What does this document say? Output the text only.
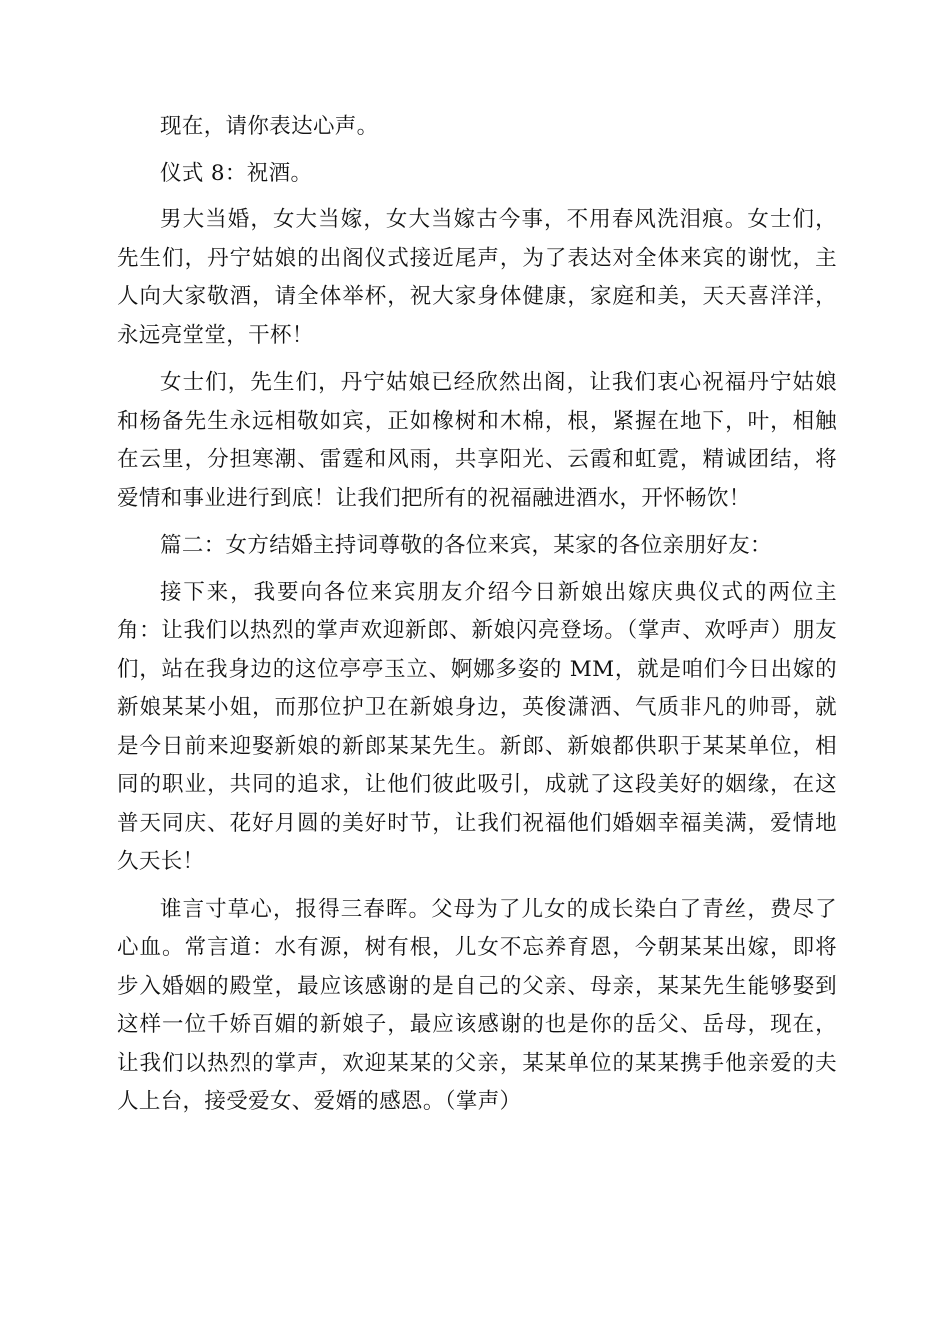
现在，请你表达心声。

仪式 8：祝酒。

男大当婚，女大当嫁，女大当嫁古今事，不用春风洗泪痕。女士们，先生们，丹宁姑娘的出阁仪式接近尾声，为了表达对全体来宾的谢忱，主人向大家敬酒，请全体举杯，祝大家身体健康，家庭和美，天天喜洋洋，永远亮堂堂，干杯！

女士们，先生们，丹宁姑娘已经欣然出阁，让我们衷心祝福丹宁姑娘和杨备先生永远相敬如宾，正如橡树和木棉，根，紧握在地下，叶，相触在云里，分担寒潮、雷霆和风雨，共享阳光、云霞和虹霓，精诚团结，将爱情和事业进行到底！让我们把所有的祝福融进酒水，开怀畅饮！

篇二：女方结婚主持词尊敬的各位来宾，某家的各位亲朋好友：

接下来，我要向各位来宾朋友介绍今日新娘出嫁庆典仪式的两位主角：让我们以热烈的掌声欢迎新郎、新娘闪亮登场。（掌声、欢呼声）朋友们，站在我身边的这位亭亭玉立、婀娜多姿的 MM，就是咱们今日出嫁的新娘某某小姐，而那位护卫在新娘身边，英俊潇洒、气质非凡的帅哥，就是今日前来迎娶新娘的新郎某某先生。新郎、新娘都供职于某某单位，相同的职业，共同的追求，让他们彼此吸引，成就了这段美好的姻缘，在这普天同庆、花好月圆的美好时节，让我们祝福他们婚姻幸福美满，爱情地久天长！

谁言寸草心，报得三春晖。父母为了儿女的成长染白了青丝，费尽了心血。常言道：水有源，树有根，儿女不忘养育恩，今朝某某出嫁，即将步入婚姻的殿堂，最应该感谢的是自己的父亲、母亲，某某先生能够娶到这样一位千娇百媚的新娘子，最应该感谢的也是你的岳父、岳母，现在，让我们以热烈的掌声，欢迎某某的父亲，某某单位的某某携手他亲爱的夫人上台，接受爱女、爱婿的感恩。（掌声）
